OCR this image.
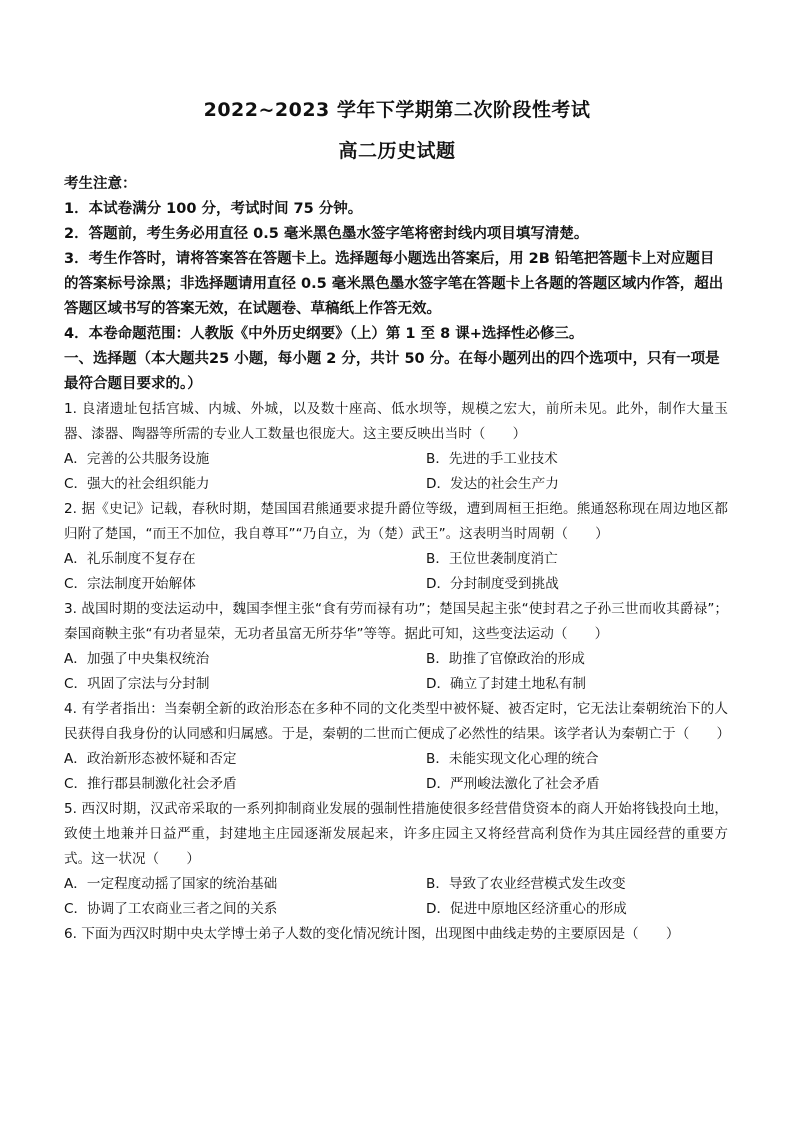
2022~2023 学年下学期第二次阶段性考试
高二历史试题

考生注意：

1．本试卷满分 100 分，考试时间 75 分钟。

2．答题前，考生务必用直径 0.5 毫米黑色墨水签字笔将密封线内项目填写清楚。

3．考生作答时，请将答案答在答题卡上。选择题每小题选出答案后，用 2B 铅笔把答题卡上对应题目的答案标号涂黑；非选择题请用直径 0.5 毫米黑色墨水签字笔在答题卡上各题的答题区域内作答，超出答题区域书写的答案无效，在试题卷、草稿纸上作答无效。

4．本卷命题范围：人教版《中外历史纲要》（上）第 1 至 8 课+选择性必修三。

一、选择题（本大题共25 小题，每小题 2 分，共计 50 分。在每小题列出的四个选项中，只有一项是最符合题目要求的。）

1. 良渚遗址包括宫城、内城、外城，以及数十座高、低水坝等，规模之宏大，前所未见。此外，制作大量玉器、漆器、陶器等所需的专业人工数量也很庞大。这主要反映出当时（　　）

A．完善的公共服务设施	B．先进的手工业技术
C．强大的社会组织能力	D．发达的社会生产力

2. 据《史记》记载，春秋时期，楚国国君熊通要求提升爵位等级，遭到周桓王拒绝。熊通怒称现在周边地区都归附了楚国，“而王不加位，我自尊耳”“乃自立，为（楚）武王”。这表明当时周朝（　　）

A．礼乐制度不复存在	B．王位世袭制度消亡
C．宗法制度开始解体	D．分封制度受到挑战

3. 战国时期的变法运动中，魏国李悝主张“食有劳而禄有功”；楚国吴起主张“使封君之子孙三世而收其爵禄”；秦国商鞅主张“有功者显荣，无功者虽富无所芬华”等等。据此可知，这些变法运动（　　）

A．加强了中央集权统治	B．助推了官僚政治的形成
C．巩固了宗法与分封制	D．确立了封建土地私有制

4. 有学者指出：当秦朝全新的政治形态在多种不同的文化类型中被怀疑、被否定时，它无法让秦朝统治下的人民获得自我身份的认同感和归属感。于是，秦朝的二世而亡便成了必然性的结果。该学者认为秦朝亡于（　　）

A．政治新形态被怀疑和否定	B．未能实现文化心理的统合
C．推行郡县制激化社会矛盾	D．严刑峻法激化了社会矛盾

5. 西汉时期，汉武帝采取的一系列抑制商业发展的强制性措施使很多经营借贷资本的商人开始将钱投向土地，致使土地兼并日益严重，封建地主庄园逐渐发展起来，许多庄园主又将经营高利贷作为其庄园经营的重要方式。这一状况（　　）

A．一定程度动摇了国家的统治基础	B．导致了农业经营模式发生改变
C．协调了工农商业三者之间的关系	D．促进中原地区经济重心的形成

6. 下面为西汉时期中央太学博士弟子人数的变化情况统计图，出现图中曲线走势的主要原因是（　　）
